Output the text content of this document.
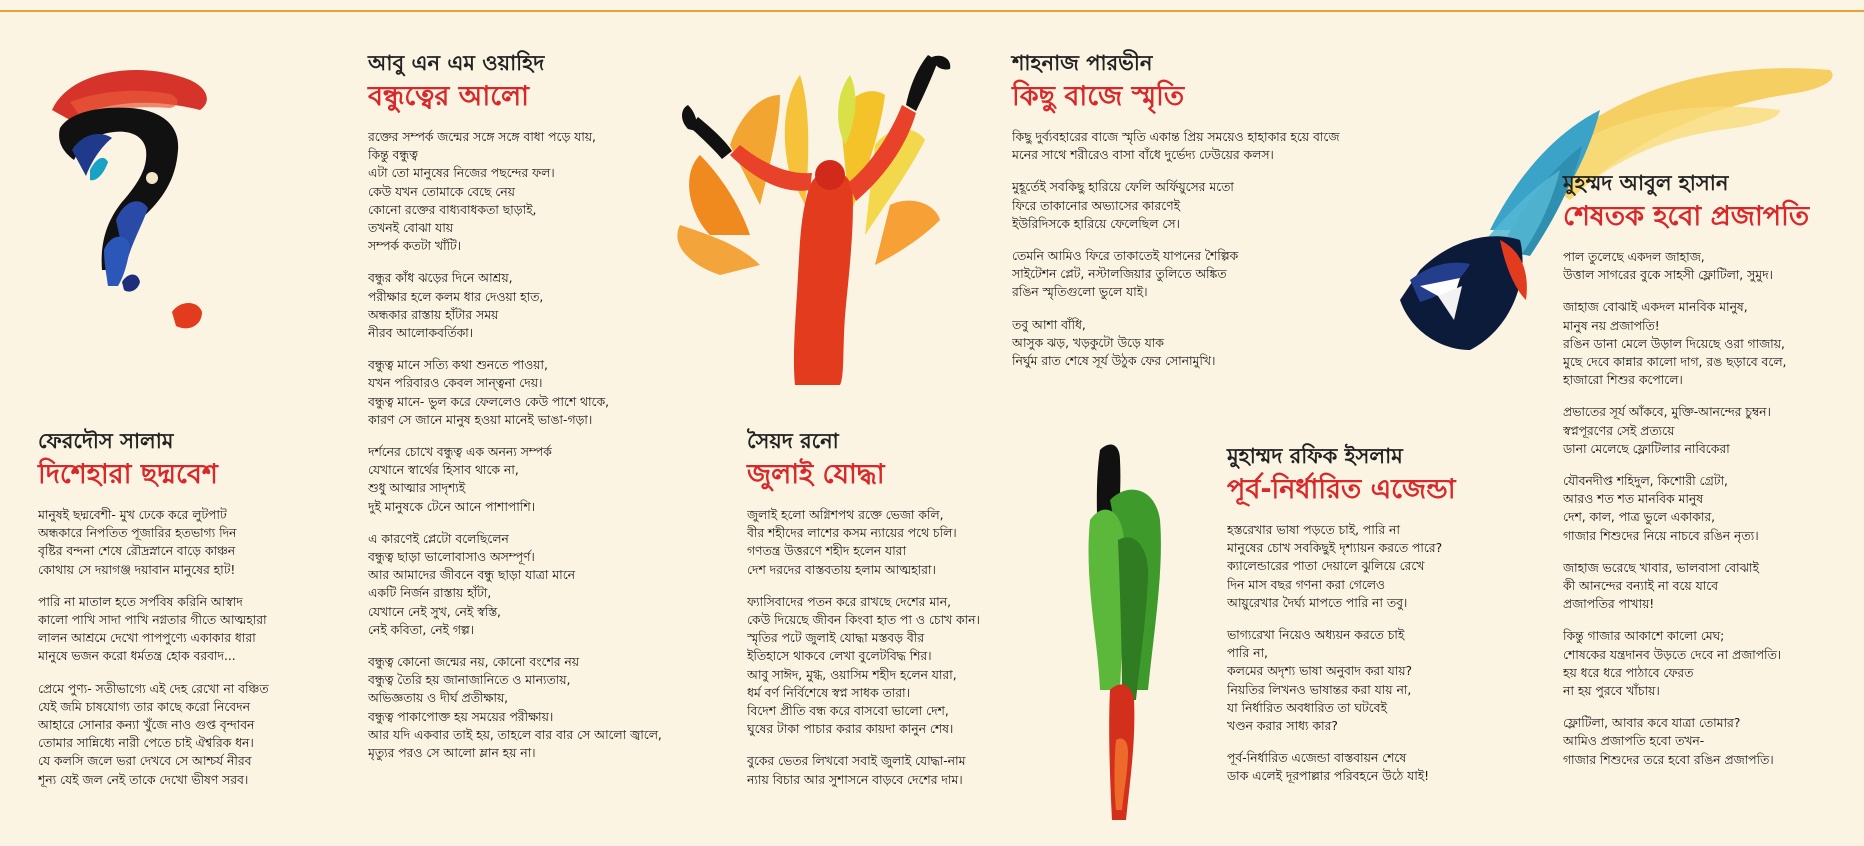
আবু এন এম ওয়াহিদ
বন্ধুত্বের আলো
রক্তের সম্পর্ক জন্মের সঙ্গে সঙ্গে বাধা পড়ে যায়,
কিন্তু বন্ধুত্ব
এটা তো মানুষের নিজের পছন্দের ফল।
কেউ যখন তোমাকে বেছে নেয়
কোনো রক্তের বাধ্যবাধকতা ছাড়াই,
তখনই বোঝা যায়
সম্পর্ক কতটা খাঁটি।
বন্ধুর কাঁধ ঝড়ের দিনে আশ্রয়,
পরীক্ষার হলে কলম ধার দেওয়া হাত,
অন্ধকার রাস্তায় হাঁটার সময়
নীরব আলোকবর্তিকা।
বন্ধুত্ব মানে সত্যি কথা শুনতে পাওয়া,
যখন পরিবারও কেবল সান্ত্বনা দেয়।
বন্ধুত্ব মানে- ভুল করে ফেললেও কেউ পাশে থাকে,
কারণ সে জানে মানুষ হওয়া মানেই ভাঙা-গড়া।
দর্শনের চোখে বন্ধুত্ব এক অনন্য সম্পর্ক
যেখানে স্বার্থের হিসাব থাকে না,
শুধু আত্মার সাদৃশ্যই
দুই মানুষকে টেনে আনে পাশাপাশি।
এ কারণেই প্লেটো বলেছিলেন
বন্ধুত্ব ছাড়া ভালোবাসাও অসম্পূর্ণ।
আর আমাদের জীবনে বন্ধু ছাড়া যাত্রা মানে
একটি নির্জন রাস্তায় হাঁটা,
যেখানে নেই সুখ, নেই স্বস্তি,
নেই কবিতা, নেই গল্প।
বন্ধুত্ব কোনো জন্মের নয়, কোনো বংশের নয়
বন্ধুত্ব তৈরি হয় জানাজানিতে ও মান্যতায়,
অভিজ্ঞতায় ও দীর্ঘ প্রতীক্ষায়,
বন্ধুত্ব পাকাপোক্ত হয় সময়ের পরীক্ষায়।
আর যদি একবার তাই হয়, তাহলে বার বার সে আলো জ্বালে,
মৃত্যুর পরও সে আলো ম্লান হয় না।
শাহনাজ পারভীন
কিছু বাজে স্মৃতি
কিছু দুর্ব্যবহারের বাজে স্মৃতি একান্ত প্রিয় সময়েও হাহাকার হয়ে বাজে
মনের সাথে শরীরেও বাসা বাঁধে দুর্ভেদ্য ঢেউয়ের কলস।
মুহূর্তেই সবকিছু হারিয়ে ফেলি অর্ফিয়ুসের মতো
ফিরে তাকানোর অভ্যাসের কারণেই
ইউরিদিসকে হারিয়ে ফেলেছিল সে।
তেমনি আমিও ফিরে তাকাতেই যাপনের শৈল্পিক
সাইটেশন প্লেট, নস্টালজিয়ার তুলিতে অঙ্কিত
রঙিন স্মৃতিগুলো ভুলে যাই।
তবু আশা বাঁধি,
আসুক ঝড়, খড়কুটো উড়ে যাক
নির্ঘুম রাত শেষে সূর্য উঠুক ফের সোনামুখি।
মুহম্মদ আবুল হাসান
শেষতক হবো প্রজাপতি
পাল তুলেছে একদল জাহাজ,
উত্তাল সাগরের বুকে সাহসী ফ্লোটিলা, সুমুদ।
জাহাজ বোঝাই একদল মানবিক মানুষ,
মানুষ নয় প্রজাপতি!
রঙিন ডানা মেলে উড়াল দিয়েছে ওরা গাজায়,
মুছে দেবে কান্নার কালো দাগ, রঙ ছড়াবে বলে,
হাজারো শিশুর কপোলে।
প্রভাতের সূর্য আঁকবে, মুক্তি-আনন্দের চুম্বন।
স্বপ্নপূরণের সেই প্রত্যয়ে
ডানা মেলেছে ফ্লোটিলার নাবিকেরা
যৌবনদীপ্ত শহিদুল, কিশোরী গ্রেটা,
আরও শত শত মানবিক মানুষ
দেশ, কাল, পাত্র ভুলে একাকার,
গাজার শিশুদের নিয়ে নাচবে রঙিন নৃত্য।
জাহাজ ভরেছে খাবার, ভালবাসা বোঝাই
কী আনন্দের বন্যাই না বয়ে যাবে
প্রজাপতির পাখায়!
কিন্তু গাজার আকাশে কালো মেঘ;
শোষকের যন্ত্রদানব উড়তে দেবে না প্রজাপতি।
হয় ধরে ধরে পাঠাবে ফেরত
না হয় পুরবে খাঁচায়।
ফ্লোটিলা, আবার কবে যাত্রা তোমার?
আমিও প্রজাপতি হবো তখন-
গাজার শিশুদের তরে হবো রঙিন প্রজাপতি।
ফেরদৌস সালাম
দিশেহারা ছদ্মবেশ
মানুষই ছদ্মবেশী- মুখ ঢেকে করে লুটপাট
অন্ধকারে নিপতিত পূজারির হতভাগ্য দিন
বৃষ্টির বন্দনা শেষে রৌদ্রস্নানে বাড়ে কাঞ্চন
কোথায় সে দয়াগঞ্জ দয়াবান মানুষের হাট!
পারি না মাতাল হতে সর্পবিষ করিনি আস্বাদ
কালো পাখি সাদা পাখি নগ্নতার গীতে আত্মহারা
লালন আশ্রমে দেখো পাপপুণ্যে একাকার ধারা
মানুষে ভজন করো ধর্মতন্ত্র হোক বরবাদ...
প্রেমে পুণ্য- সতীভাগ্যে এই দেহ রেখো না বঞ্চিত
যেই জমি চাষযোগ্য তার কাছে করো নিবেদন
আহারে সোনার কন্যা খুঁজে নাও গুপ্ত বৃন্দাবন
তোমার সান্নিধ্যে নারী পেতে চাই ঐশ্বরিক ধন।
যে কলসি জলে ভরা দেখবে সে আশ্চর্য নীরব
শূন্য যেই জল নেই তাকে দেখো ভীষণ সরব।
সৈয়দ রনো
জুলাই যোদ্ধা
জুলাই হলো অগ্নিশপথ রক্তে ভেজা কলি,
বীর শহীদের লাশের কসম ন্যায়ের পথে চলি।
গণতন্ত্র উত্তরণে শহীদ হলেন যারা
দেশ দরদের বাস্তবতায় হলাম আত্মহারা।
ফ্যাসিবাদের পতন করে রাখছে দেশের মান,
কেউ দিয়েছে জীবন কিংবা হাত পা ও চোখ কান।
স্মৃতির পটে জুলাই যোদ্ধা মস্তবড় বীর
ইতিহাসে থাকবে লেখা বুলেটবিদ্ধ শির।
আবু সাঈদ, মুগ্ধ, ওয়াসিম শহীদ হলেন যারা,
ধর্ম বর্ণ নির্বিশেষে স্বপ্ন সাধক তারা।
বিদেশ প্রীতি বন্ধ করে বাসবো ভালো দেশ,
ঘুষের টাকা পাচার করার কায়দা কানুন শেষ।
বুকের ভেতর লিখবো সবাই জুলাই যোদ্ধা-নাম
ন্যায় বিচার আর সুশাসনে বাড়বে দেশের দাম।
মুহাম্মদ রফিক ইসলাম
পূর্ব-নির্ধারিত এজেন্ডা
হস্তরেখার ভাষা পড়তে চাই, পারি না
মানুষের চোখ সবকিছুই দৃশ্যায়ন করতে পারে?
ক্যালেন্ডারের পাতা দেয়ালে ঝুলিয়ে রেখে
দিন মাস বছর গণনা করা গেলেও
আয়ুরেখার দৈর্ঘ্য মাপতে পারি না তবু।
ভাগ্যরেখা নিয়েও অধ্যয়ন করতে চাই
পারি না,
কলমের অদৃশ্য ভাষা অনুবাদ করা যায়?
নিয়তির লিখনও ভাষান্তর করা যায় না,
যা নির্ধারিত অবধারিত তা ঘটবেই
খণ্ডন করার সাধ্য কার?
পূর্ব-নির্ধারিত এজেন্ডা বাস্তবায়ন শেষে
ডাক এলেই দূরপাল্লার পরিবহনে উঠে যাই!
